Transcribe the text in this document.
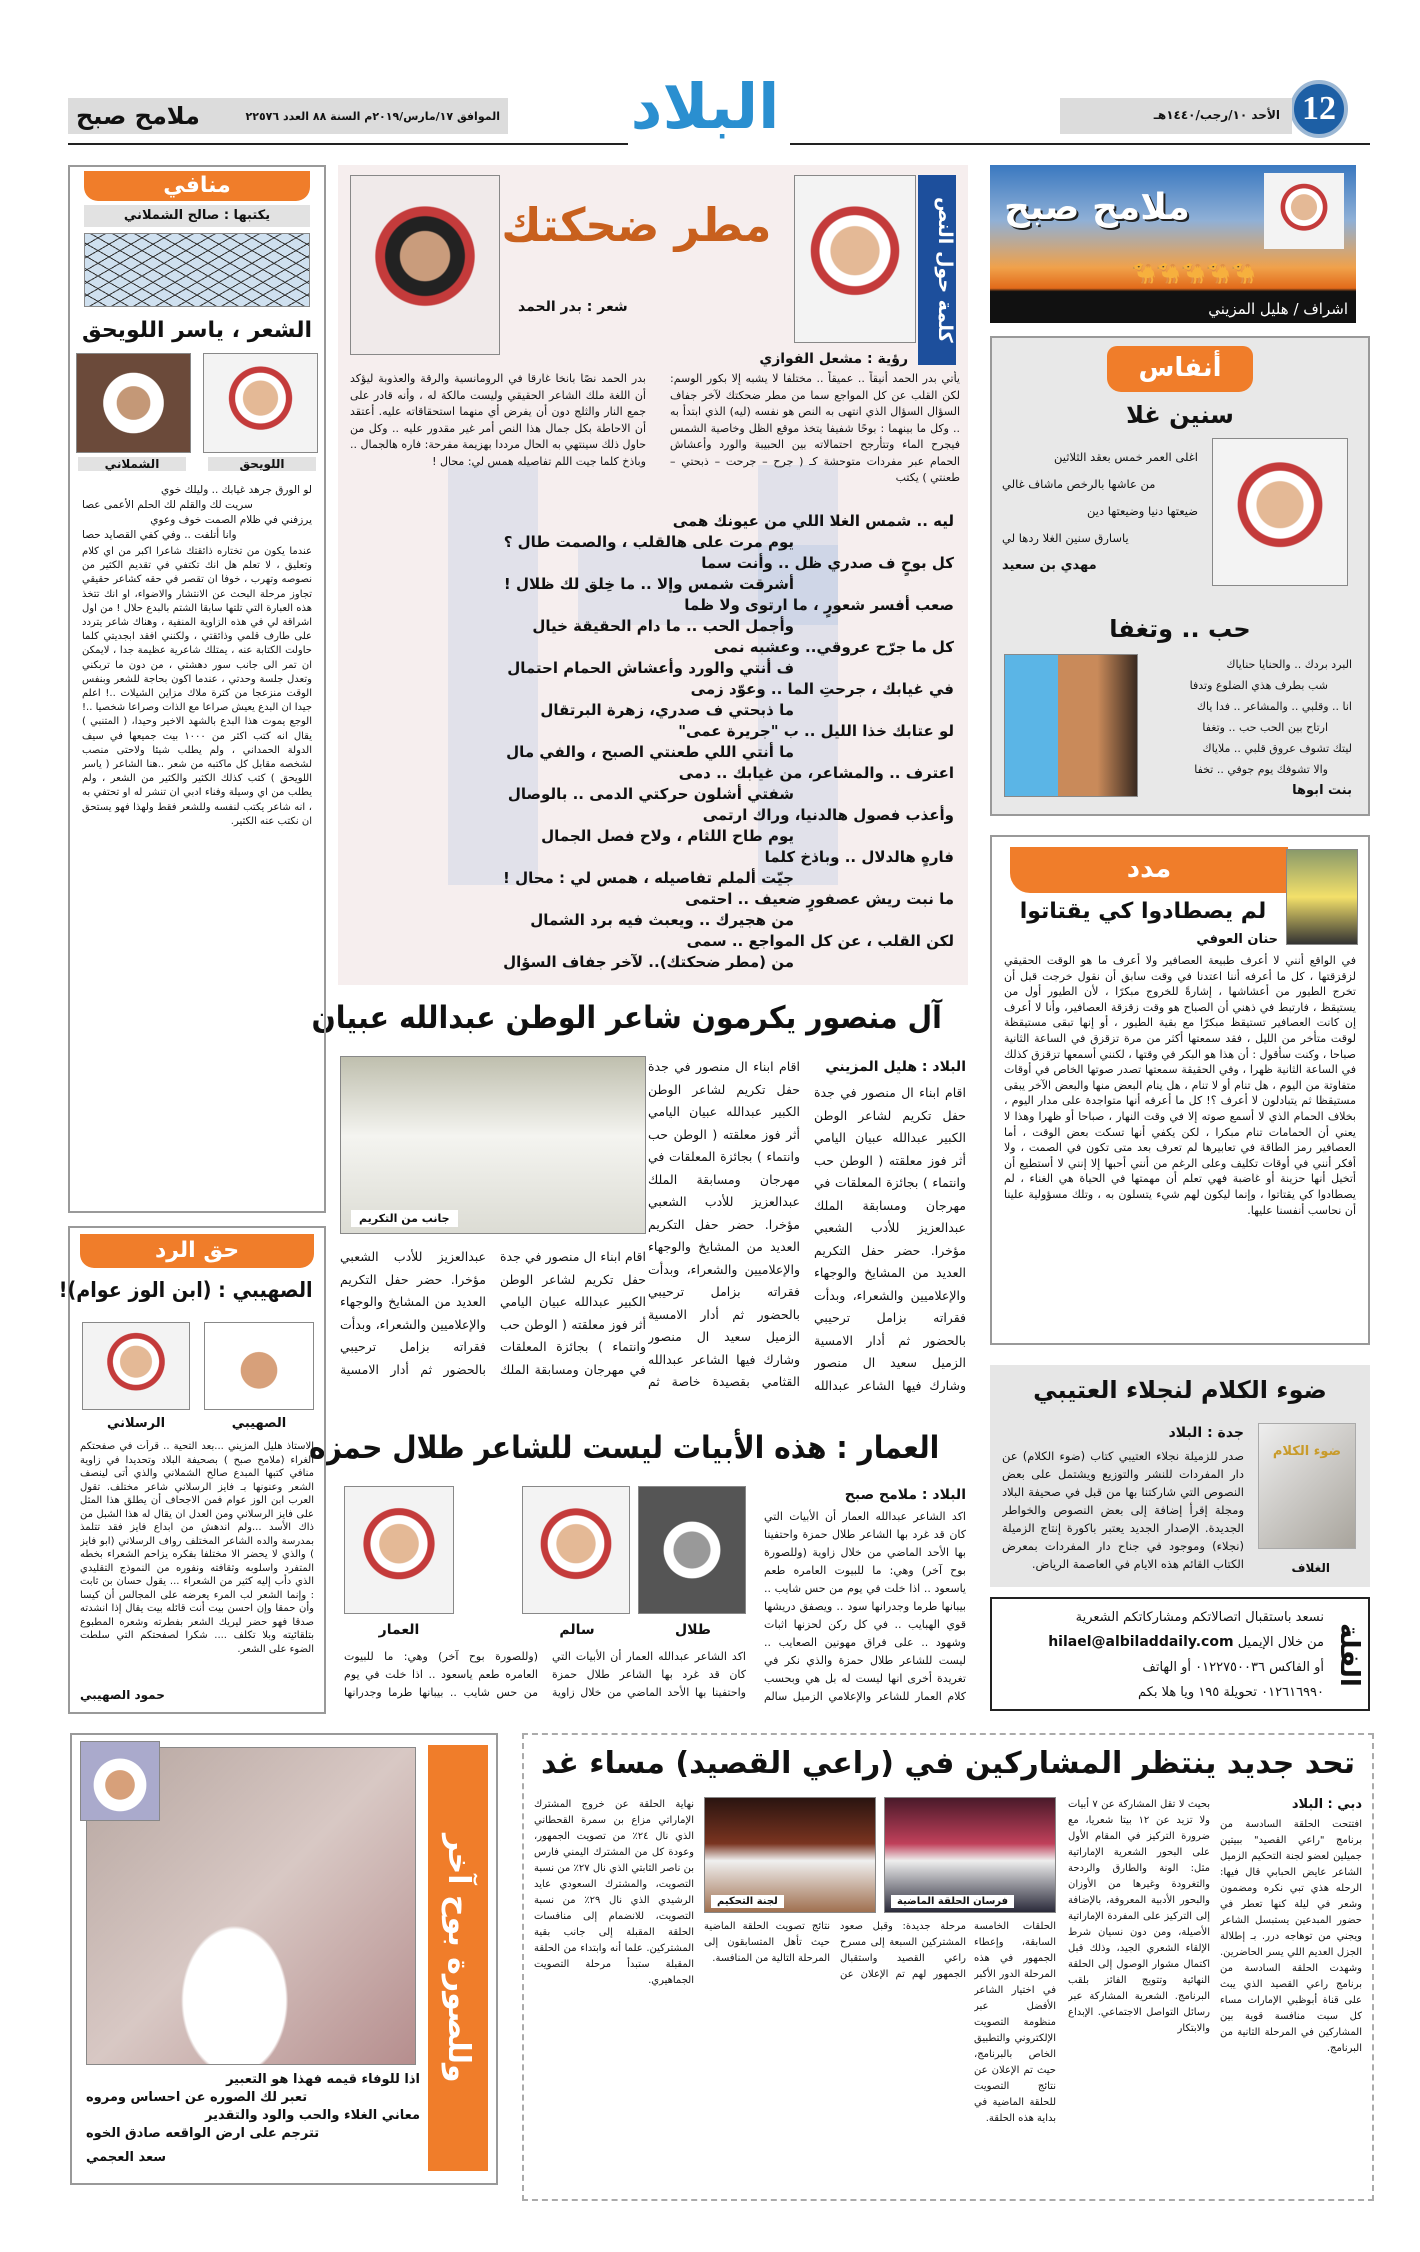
12
الأحد ١٠/رجب/١٤٤٠هـ
البلاد
الموافق ١٧/مارس/٢٠١٩م السنة ٨٨ العدد ٢٢٥٧٦
ملامح صبح
ملامح صبح
🐪🐪🐪🐪🐪
اشراف / هليل المزيني
أنفاس
سنين غلا
اغلى العمر خمس بعقد الثلاثين
من عاشها بالرخص ماشاف غالي
ضيعتها دنيا وضيعتها دين
ياسارق سنين الغلا ردها لي
مهدي بن سعيد
حب .. وتغفا
البرد بردك .. والحنايا حناياك
شب بطرف هذي الضلوع وتدفا
انا .. وقلبي .. والمشاعر .. فدا ياك
ارتاح بين الحب حب .. وتغفا
ليتك تشوف عروق قلبي .. ملاياك
والا تشوفك يوم جوفي .. تخفا
بنت ابوها
مدد
لم يصطادوا كي يقتاتوا
حنان العوفي
في الواقع أنني لا أعرف طبيعة العصافير ولا أعرف ما هو الوقت الحقيقي لزقزقتها ، كل ما أعرفه أننا اعتدنا في وقت سابق أن نقول خرجت قبل أن تخرج الطيور من أعشاشها ، إشارةً للخروج مبكرًا ، لأن الطيور أول من يستيقظ ، فارتبط في ذهني أن الصباح هو وقت زقزقة العصافير، وأنا لا أعرف إن كانت العصافير تستيقظ مبكرًا مع بقية الطيور ، أو إنها تبقى مستيقظة لوقت متأخر من الليل ، فقد سمعتها أكثر من مرة تزقزق في الساعة الثانية صباحا ، وكنت سأقول : أن هذا هو البكر في وقتها ، لكنني أسمعها تزقزق كذلك في الساعة الثانية ظهرا ، وفي الحقيقة سمعتها تصدر صوتها الخاص في أوقات متفاوتة من اليوم ، هل تنام أو لا تنام ، هل ينام البعض منها والبعض الآخر يبقى مستيقظا ثم يتبادلون لا أعرف ؟! كل ما أعرفه أنها متواجدة على مدار اليوم ، بخلاف الحمام الذي لا أسمع صوته إلا في وقت النهار ، صباحا أو ظهرا وهذا لا يعني أن الحمامات تنام مبكرا ، لكن يكفي أنها تسكت بعض الوقت ، أما العصافير رمز الطاقة في تعابيرها لم تعرف بعد متى تكون في الصمت ، ولا أفكر أنني في أوقات تكليف وعلى الرغم من أنني أحبها إلا إنني لا أستطيع أن أتخيل أنها حزينة أو غاضبة فهي تعلم أن مهمتها في الحياة هي الغناء ، لم يصطادوا كي يقتاتوا ، وإنما ليكون لهم شيء يتسلون به ، وتلك مسؤولية علينا أن نحاسب أنفسنا عليها.
ضوء الكلام لنجلاء العتيبي
ضوء الكلام
الغلاف
جدة : البلاد
صدر للزميلة نجلاء العتيبي كتاب (ضوء الكلام) عن دار المفردات للنشر والتوزيع ويشتمل على بعض النصوص التي شاركتنا بها من قبل في صحيفة البلاد ومجلة إقرأ إضافة إلى بعض النصوص والخواطر الجديدة. الإصدار الجديد يعتبر باكورة إنتاج الزميلة (نجلاء) وموجود في جناح دار المفردات بمعرض الكتاب القائم هذه الايام في العاصمة الرياض.
الفلة
نسعد باستقبال اتصالاتكم ومشاركاتكم الشعرية
من خلال الإيميل hilael@albiladdaily.com
أو الفاكس ٠١٢٢٧٥٠٠٣٦ أو الهاتف
٠١٢٦١٦٩٩٠ تحويلة ١٩٥ ويا هلا بكم
كلمة حول النص
رؤية : مشعل الفوازي
مطر ضحكتك
شعر : بدر الحمد
يأتي بدر الحمد أنيقاً .. عميقاً .. مختلفا لا يشبه إلا بكور الوسم: لكن القلب عن كل المواجع سما من مطر ضحكتك لآخر جفاف السؤال السؤال الذي انتهى به النص هو نفسه (ليه) الذي ابتدأ به .. وكل ما بينهما : بوحًا شفيفا يتخذ موقع الظل وخاصية الشمس فيجرح الماء وتتأرجح احتمالاته بين الحبيبة والورد وأعشاش الحمام عبر مفردات متوحشة كـ ( جرح – جرحت – ذبحتي – طعنتي ) يكتب
بدر الحمد نصًا بانخا غارقا في الرومانسية والرقة والعذوبة ليؤكد أن اللغة ملك الشاعر الحقيقي وليست مالكة له ، وأنه قادر على جمع النار والثلج دون أن يفرض أي منهما استحقاقاته عليه. أعتقد أن الاحاطة بكل جمال هذا النص أمر غير مقدور عليه .. وكل من حاول ذلك سينتهي به الحال مرددا بهزيمة مفرحة: فاره هالجمال .. وباذخ كلما جيت اللم تفاصيله همس لي: محال !
ليه .. شمس الغلا اللي من عيونك همى
يوم مرت على هالقلب ، والصمت طال ؟
كل بوحٍ ف صدري ظل .. وأنت سما
أشرقت شمس وإلا .. ما خِلق لك ظلال !
صعب أفسر شعورٍ ، ما ارتوى ولا ظما
وأجمل الحب .. ما دام الحقيقة خيال
كل ما جرّح عروقي.. وعشبه نمى
ف أنتي والورد وأعشاش الحمام احتمال
في غيابك ، جرحتِ الما .. وعوّد زمى
ما ذبحتي ف صدري، زهرة البرتقال
لو عتابك خذا الليل .. ب "جريرة عمى"
ما أنتي اللي طعنتي الصبح ، والفي مال
اعترف .. والمشاعر، من غيابك .. دمى
شفتي أشلون حركتي الدمى .. بالوصال
وأعذب فصول هالدنيا، وراك ارتمى
يوم طاح اللثام ، ولاح فصل الجمال
فارهٍ هالدلال .. وباذخ كلما
جيّت ألملم تفاصيله ، همس لي : محال !
ما نبت ريش عصفورٍ ضعيف .. احتمى
من هجيرك .. ويعبث فيه برد الشمال
لكن القلب ، عن كل المواجع .. سمى
من (مطر ضحكتك).. لآخر جفاف السؤال
آل منصور يكرمون شاعر الوطن عبدالله عبيان
جانب من التكريم
البلاد : هليل المزيني
اقام ابناء ال منصور في جدة حفل تكريم لشاعر الوطن الكبير عبدالله عبيان اليامي أثر فوز معلقته ( الوطن حب وانتماء ) بجائزة المعلقات في مهرجان ومسابقة الملك عبدالعزيز للأدب الشعبي مؤخرا. حضر حفل التكريم العديد من المشايخ والوجهاء والإعلاميين والشعراء، وبدأت فقراته بزامل ترحيبي بالحضور ثم أدار الامسية الزميل سعيد ال منصور وشارك فيها الشاعر عبدالله
اقام ابناء ال منصور في جدة حفل تكريم لشاعر الوطن الكبير عبدالله عبيان اليامي أثر فوز معلقته ( الوطن حب وانتماء ) بجائزة المعلقات في مهرجان ومسابقة الملك عبدالعزيز للأدب الشعبي مؤخرا. حضر حفل التكريم العديد من المشايخ والوجهاء والإعلاميين والشعراء، وبدأت فقراته بزامل ترحيبي بالحضور ثم أدار الامسية الزميل سعيد ال منصور وشارك فيها الشاعر عبدالله القثامي بقصيدة خاصة ثم
اقام ابناء ال منصور في جدة حفل تكريم لشاعر الوطن الكبير عبدالله عبيان اليامي أثر فوز معلقته ( الوطن حب وانتماء ) بجائزة المعلقات في مهرجان ومسابقة الملك عبدالعزيز للأدب الشعبي مؤخرا. حضر حفل التكريم العديد من المشايخ والوجهاء والإعلاميين والشعراء، وبدأت فقراته بزامل ترحيبي بالحضور ثم أدار الامسية
العمار : هذه الأبيات ليست للشاعر طلال حمزه
البلاد : ملامح صبح
اكد الشاعر عبدالله العمار أن الأبيات التي كان قد غرد بها الشاعر طلال حمزة واحتفينا بها الأحد الماضي من خلال زاوية (وللصورة بوح آخر) وهي: ما للبيوت العامره طعم ياسعود .. اذا خلت في يوم من حس شايب .. بيبانها طرما وجدرانها سود .. ويصفق دريشها قوي الهبايب .. في كل ركن لحزنها اثبات وشهود .. على فراق مهونين الصعايب .. ليست للشاعر طلال حمزة والذي نكر في تغريدة أخرى انها ليست له بل هي وبحسب كلام العمار للشاعر والإعلامي الزميل سالم
طلال
سالم
العمار
اكد الشاعر عبدالله العمار أن الأبيات التي كان قد غرد بها الشاعر طلال حمزة واحتفينا بها الأحد الماضي من خلال زاوية (وللصورة بوح آخر) وهي: ما للبيوت العامره طعم ياسعود .. اذا خلت في يوم من حس شايب .. بيبانها طرما وجدرانها
منافي
يكتبها : صالح الشملاني
الشعر ، ياسر اللويحق
اللويحق
الشملاني
لو الورق جرهد غيابك .. وليلك خوي
سريت لك والقلم لك الحلم الأعمى عصا
يرزفني في ظلام الصمت خوف وعوي
وانا أتلفت .. وفي كفي القصايد حصا
عندما يكون من تختاره ذائقتك شاعرا اكبر من اي كلام وتعليق ، لا تعلم هل انك تكتفي في تقديم الكثير من نصوصه وتهرب ، خوفا ان تقصر في حقه كشاعر حقيقي تجاوز مرحلة البحث عن الانتشار والاضواء، او انك تتخذ هذه العبارة التي تلتها سابقا الشتم بالبدع حلال ! من اول اشراقة لي في هذه الزاوية المنفية ، وهناك شاعر يتردد على طارف قلمي وذائقتي ، ولكنني افقد ابجديتي كلما حاولت الكتابة عنه ، يمتلك شاعرية عظيمة جدا ، لايمكن ان تمر الى جانب سور دهشتي ، من دون ما تربكني وتعدل جلسة وحدتي ، عندما اكون بحاجة للشعر وبنفس الوقت منزعجا من كثرة ملاك مزاين الشيلات ..! اعلم جيدا ان البدع يعيش صراعا مع الذات وصراعا شخصيا ..! الوجع يموت هذا البدع بالشهد الاخير وحيدا، ( المتنبي ) يقال انه كتب اكثر من ١٠٠٠ بيت جميعها في سيف الدولة الحمداني ، ولم يطلب شيئا ولاحتى منصب لشخصه مقابل كل ماكتبه من شعر ..هنا الشاعر ( ياسر اللويحق ) كتب كذلك الكثير والكثير من الشعر ، ولم يطلب من اي وسيلة وفناء ادبي ان تنشر له او تحتفي به ، انه شاعر يكتب لنفسه وللشعر فقط ولهذا فهو يستحق ان نكتب عنه الكثير.
حق الرد
الصهيبي : (ابن الوز عوام)!
الصهيبي
الرسلاني
الاستاذ هليل المزيني ...بعد التحية .. قرأت في صفحتكم الغراء (ملامح صبح ) بصحيفة البلاد وتحديدا في زاوية منافي كتبها المبدع صالح الشملاني والذي أتى لينصف الشعر وعنونها بـ فايز الرسلاني شاعر مختلف. تقول العرب ابن الوز عوام فمن الاجحاف أن يطلق هذا المثل على فايز الرسلاني ومن العدل ان يقال له هذا الشبل من ذاك الأسد ...ولم اندهش من ابداع فايز فقد تتلمذ بمدرسة والده الشاعر المختلف رواف الرسلاني (ابو فايز ) والذي لا يحضر الا مختلفا بفكره يزاحم الشعراء بخطه المتفرد واسلوبه وثقافته ونفوره من النموذج التقليدي الذي دأب إليه كثير من الشعراء ... يقول حسان بن ثابت : وإنما الشعر لب المرء يعرضه على المجالس أن كيسا وأن حمقا وإن احسن بيت أنت قائله بيت يقال إذا انشدته صدقا فهو حضر ليريك الشعر بفطرته وشعره المطبوع بتلقائيته وبلا تكلف .... شكرا لصفحتكم التي سلطت الضوء على الشعر.
حمود الصهيبي
وللصورة بوح آخر
اذا للوفاء قيمه فهذا هو التعبير
تعبر لك الصوره عن احساس ومروه
معاني الغلاء والحب والود والتقدير
تترجم على ارض الواقعه صادق الخوه
سعد العجمي
تحد جديد ينتظر المشاركين في (راعي القصيد) مساء غد
دبي : البلاد
افتتحت الحلقة السادسة من برنامج "راعي القصيد" ببيتين جميلين لعضو لجنة التحكيم الزميل الشاعر عايض الحبابي قال فيها: الرحله هذي تبي نكره ومضمون وشعر في ليلة كنها تعطر في حضور المبدعين يستبسل الشاعر ويجني من توهاجه درر. بـ إطلالة الجزل العديم اللي يسر الحاضرين. وشهدت الحلقة السادسة من برنامج راعي القصيد الذي يبث على قناة أبوظبي الإمارات مساء كل سبت منافسة قوية بين المشاركين في المرحلة الثانية من البرنامج.
بحيث لا تقل المشاركة عن ٧ أبيات ولا تزيد عن ١٢ بيتا شعريا، مع ضرورة التركيز في المقام الأول على البحور الشعرية الإماراتية مثل: الونة والطارق والردحة والتغرودة وغيرها من الأوزان والبحور الأدبية المعروفة، بالإضافة إلى التركيز على المفردة الإماراتية الأصيلة، ومن دون نسيان شرط الإلقاء الشعري الجيد، وذلك قبل اكتمال مشوار الوصول إلى الحلقة النهائية وتتويج الفائز بلقب البرنامج. الشعرية المشاركة عبر رسائل التواصل الاجتماعي. الإبداع والابتكار
فرسان الحلقة الماضية
لجنة التحكيم
الحلقات الخامسة السابقة، وإعطاء الجمهور في هذه المرحلة الدور الأكبر في اختيار الشاعر الأفضل عبر منظومة التصويت الإلكتروني والتطبيق الخاص بالبرنامج، حيث تم الإعلان عن نتائج التصويت للحلقة الماضية في بداية هذه الحلقة.
مرحلة جديدة: وقبل صعود المشتركين السبعة إلى مسرح راعي القصيد واستقبال الجمهور لهم تم الإعلان عن نتائج تصويت الحلقة الماضية حيث تأهل المتسابقون إلى المرحلة التالية من المنافسة.
نهاية الحلقة عن خروج المشترك الإماراتي مزاع بن سمرة القحطاني الذي نال ٢٤٪ من تصويت الجمهور، وعودة كل من المشترك اليمني فارس بن ناصر الثابتي الذي نال ٢٧٪ من نسبة التصويت، والمشترك السعودي عايد الرشيدي الذي نال ٢٩٪ من نسبة التصويت، للانضمام إلى منافسات الحلقة المقبلة إلى جانب بقية المشتركين. علما أنه وابتداء من الحلقة المقبلة ستبدأ مرحلة التصويت الجماهيري.
